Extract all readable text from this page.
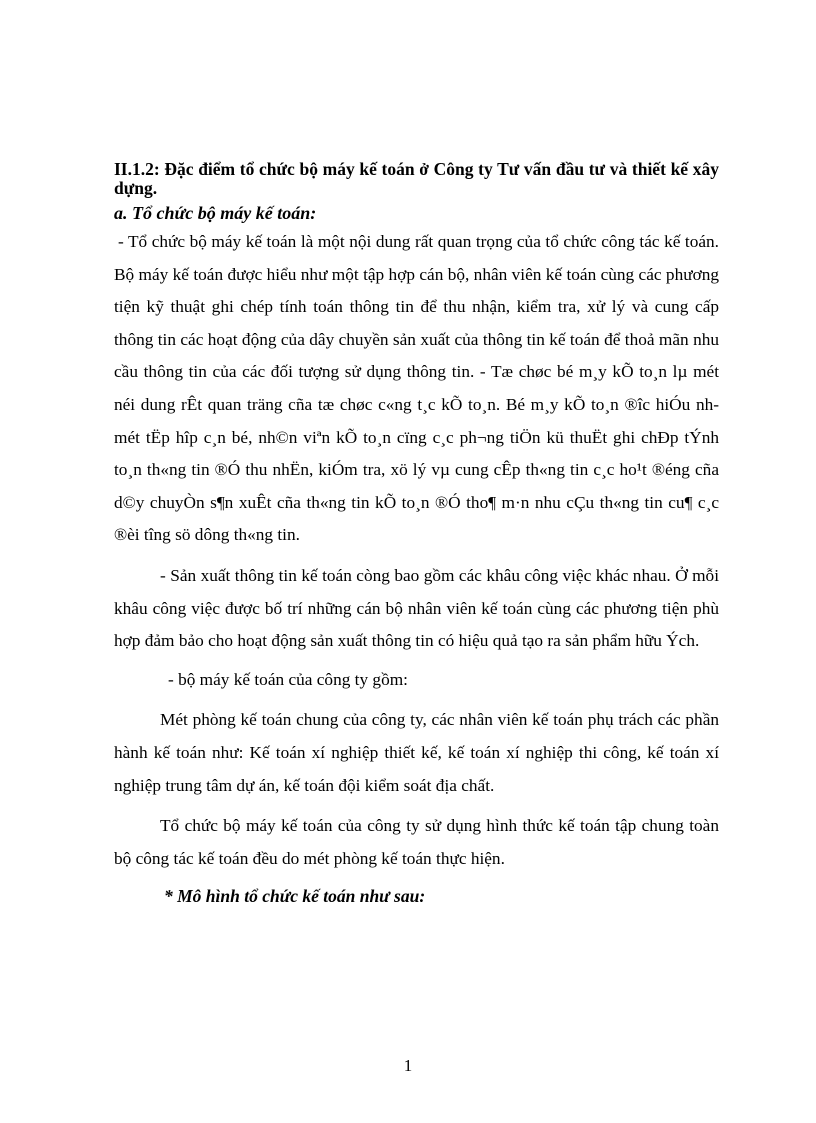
II.1.2: Đặc điểm tổ chức bộ máy kế toán ở Công ty Tư vấn đầu tư và thiết kế xây dựng.

a. Tổ chức bộ máy kế toán:

- Tổ chức bộ máy kế toán là một nội dung rất quan trọng của tổ chức công tác kế toán. Bộ máy kế toán được hiểu như một tập hợp cán bộ, nhân viên kế toán cùng các phương tiện kỹ thuật ghi chép tính toán thông tin để thu nhận, kiểm tra, xử lý và cung cấp thông tin các hoạt động của dây chuyền sản xuất của thông tin kế toán để thoả mãn nhu cầu thông tin của các đối tượng sử dụng thông tin. - Tæ chøc bé m¸y kÕ to¸n lµ mét néi dung rÊt quan träng cña tæ chøc c«ng t¸c kÕ to¸n. Bé m¸y kÕ to¸n ®îc hiÓu nh mét tËp hîp c¸n bé, nh©n viªn kÕ to¸n cïng c¸c ph¬ng tiÖn kü thuËt ghi chÐp tÝnh to¸n th«ng tin ®Ó thu nhËn, kiÓm tra, xö lý vµ cung cÊp th«ng tin c¸c ho¹t ®éng cña d©y chuyÒn s¶n xuÊt cña th«ng tin kÕ to¸n ®Ó tho¶ m·n nhu cÇu th«ng tin cu¶ c¸c ®èi tîng sö dông th«ng tin.

- Sản xuất thông tin kế toán còng bao gồm các khâu công việc khác nhau. Ở mỗi khâu công việc được bố trí những cán bộ nhân viên kế toán cùng các phương tiện phù hợp đảm bảo cho hoạt động sản xuất thông tin có hiệu quả tạo ra sản phẩm hữu Ých.

- bộ máy kế toán của công ty gồm:

Mét phòng kế toán chung của công ty, các nhân viên kế toán phụ trách các phần hành kế toán như: Kế toán xí nghiệp thiết kế, kế toán xí nghiệp thi công, kế toán xí nghiệp trung tâm dự án, kế toán đội kiểm soát địa chất.

Tổ chức bộ máy kế toán của công ty sử dụng hình thức kế toán tập chung toàn bộ công tác kế toán đều do mét phòng kế toán thực hiện.

* Mô hình tổ chức kế toán như sau:

1
